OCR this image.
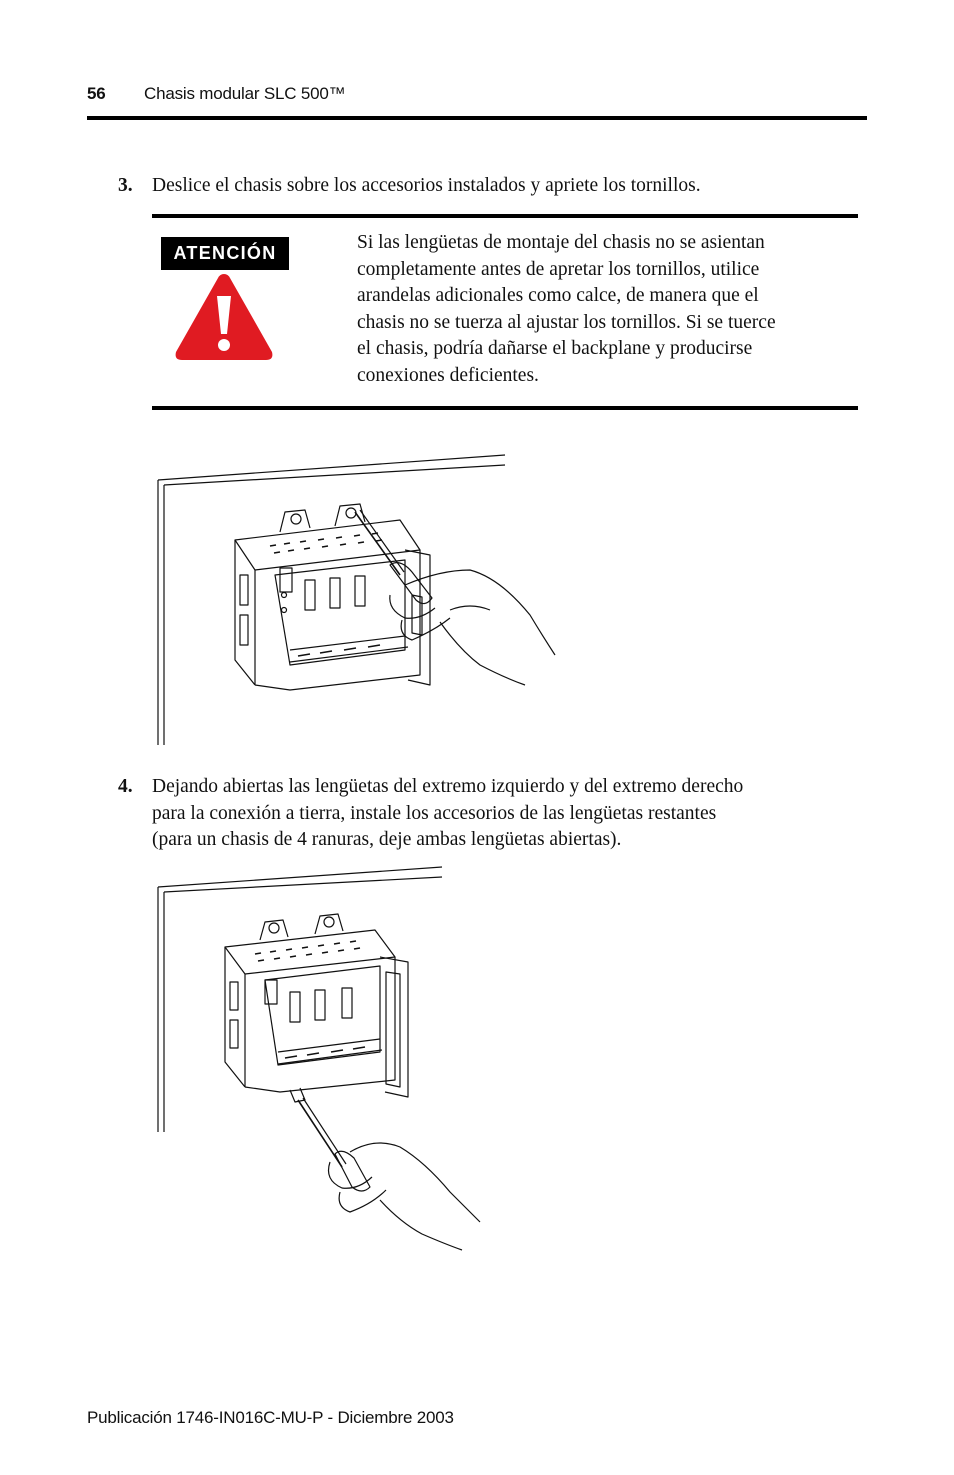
56 Chasis modular SLC 500™
3. Deslice el chasis sobre los accesorios instalados y apriete los tornillos.
ATENCIÓN	Si las lengüetas de montaje del chasis no se asientan
completamente antes de apretar los tornillos, utilice
arandelas adicionales como calce, de manera que el
chasis no se tuerza al ajustar los tornillos. Si se tuerce
el chasis, podría dañarse el backplane y producirse
conexiones deficientes.
4. Dejando abiertas las lengüetas del extremo izquierdo y del extremo derecho
para la conexión a tierra, instale los accesorios de las lengüetas restantes
(para un chasis de 4 ranuras, deje ambas lengüetas abiertas).
Publicación 1746-IN016C-MU-P - Diciembre 2003
